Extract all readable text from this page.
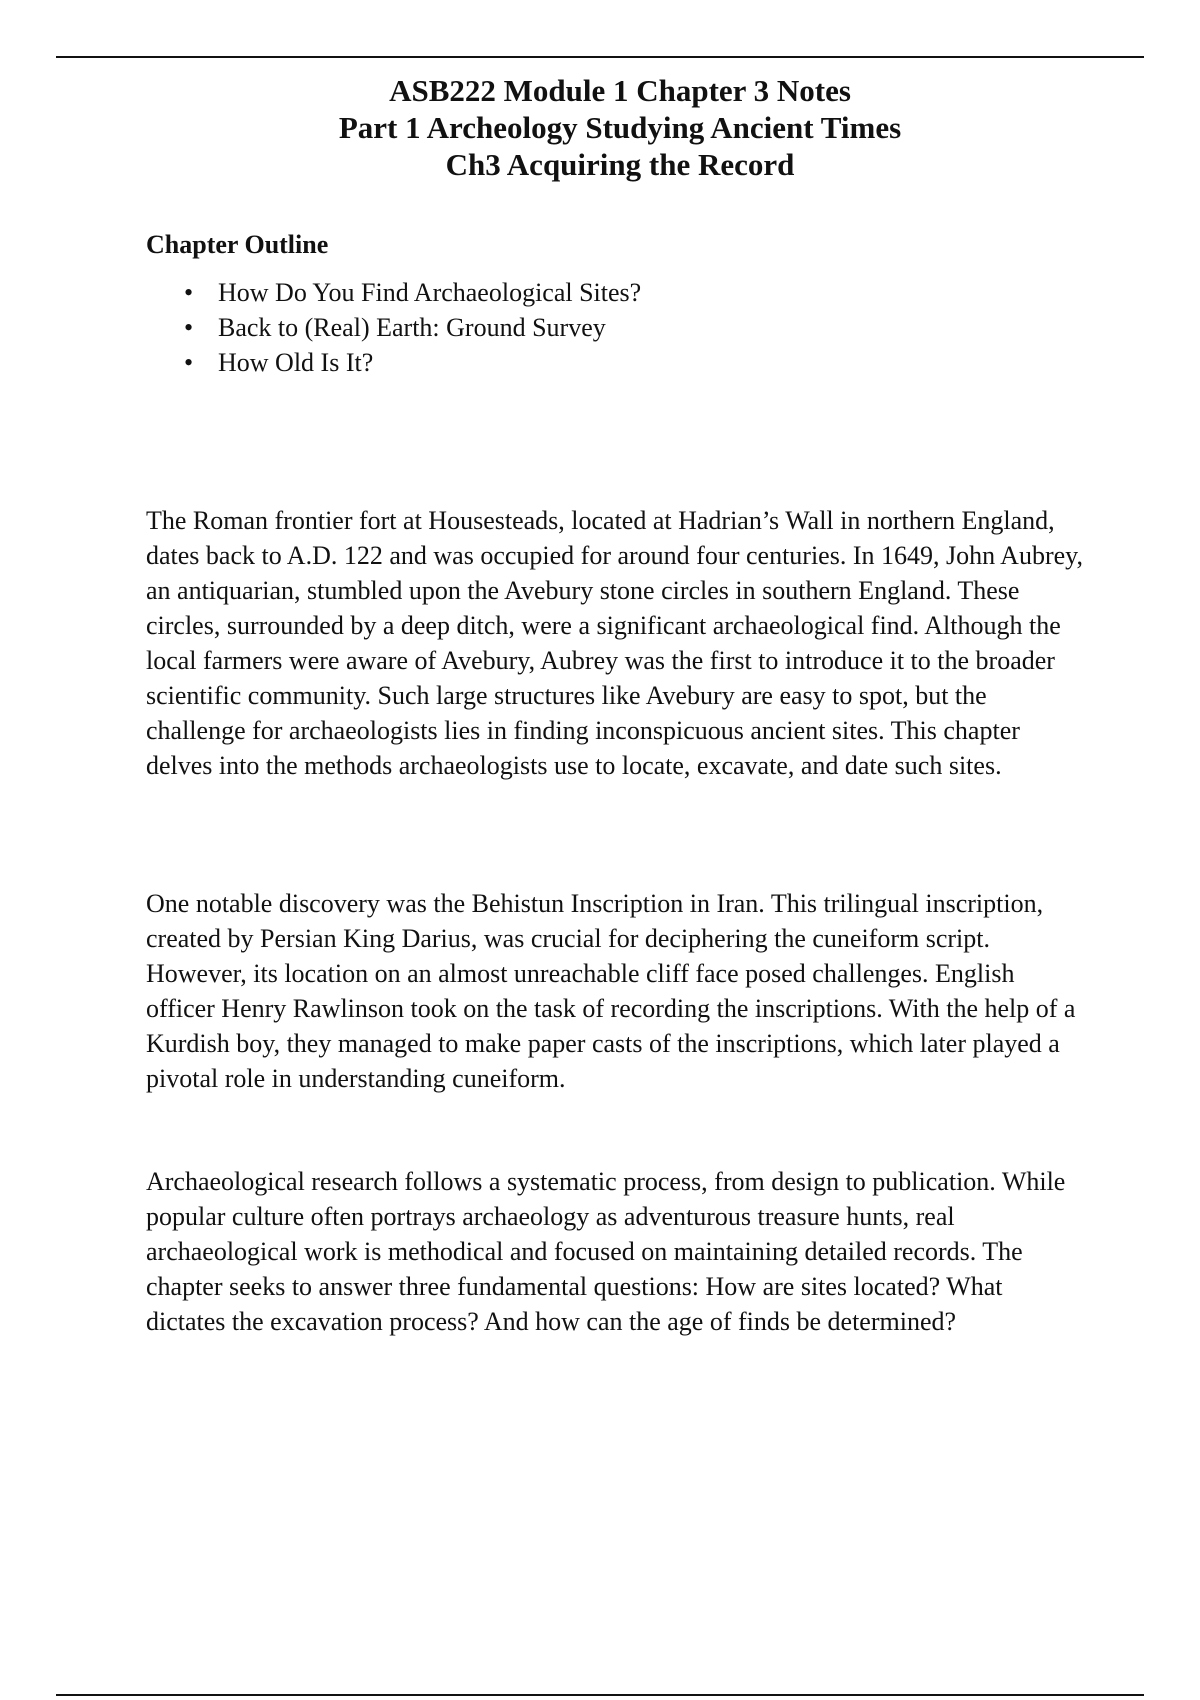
ASB222 Module 1 Chapter 3 Notes
Part 1 Archeology Studying Ancient Times
Ch3 Acquiring the Record

Chapter Outline

• How Do You Find Archaeological Sites?
• Back to (Real) Earth: Ground Survey
• How Old Is It?

The Roman frontier fort at Housesteads, located at Hadrian’s Wall in northern England, dates back to A.D. 122 and was occupied for around four centuries. In 1649, John Aubrey, an antiquarian, stumbled upon the Avebury stone circles in southern England. These circles, surrounded by a deep ditch, were a significant archaeological find. Although the local farmers were aware of Avebury, Aubrey was the first to introduce it to the broader scientific community. Such large structures like Avebury are easy to spot, but the challenge for archaeologists lies in finding inconspicuous ancient sites. This chapter delves into the methods archaeologists use to locate, excavate, and date such sites.

One notable discovery was the Behistun Inscription in Iran. This trilingual inscription, created by Persian King Darius, was crucial for deciphering the cuneiform script. However, its location on an almost unreachable cliff face posed challenges. English officer Henry Rawlinson took on the task of recording the inscriptions. With the help of a Kurdish boy, they managed to make paper casts of the inscriptions, which later played a pivotal role in understanding cuneiform.

Archaeological research follows a systematic process, from design to publication. While popular culture often portrays archaeology as adventurous treasure hunts, real archaeological work is methodical and focused on maintaining detailed records. The chapter seeks to answer three fundamental questions: How are sites located? What dictates the excavation process? And how can the age of finds be determined?
